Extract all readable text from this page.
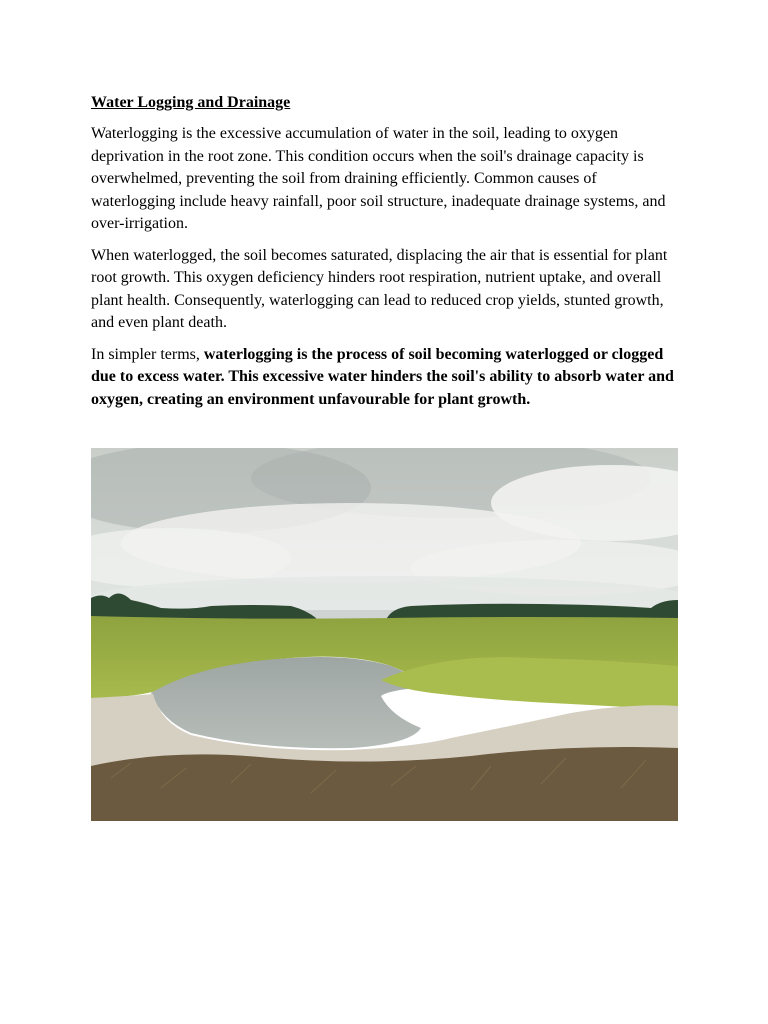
Water Logging and Drainage

Waterlogging is the excessive accumulation of water in the soil, leading to oxygen deprivation in the root zone. This condition occurs when the soil's drainage capacity is overwhelmed, preventing the soil from draining efficiently. Common causes of waterlogging include heavy rainfall, poor soil structure, inadequate drainage systems, and over-irrigation.

When waterlogged, the soil becomes saturated, displacing the air that is essential for plant root growth. This oxygen deficiency hinders root respiration, nutrient uptake, and overall plant health. Consequently, waterlogging can lead to reduced crop yields, stunted growth, and even plant death.

In simpler terms, waterlogging is the process of soil becoming waterlogged or clogged due to excess water. This excessive water hinders the soil's ability to absorb water and oxygen, creating an environment unfavourable for plant growth.
